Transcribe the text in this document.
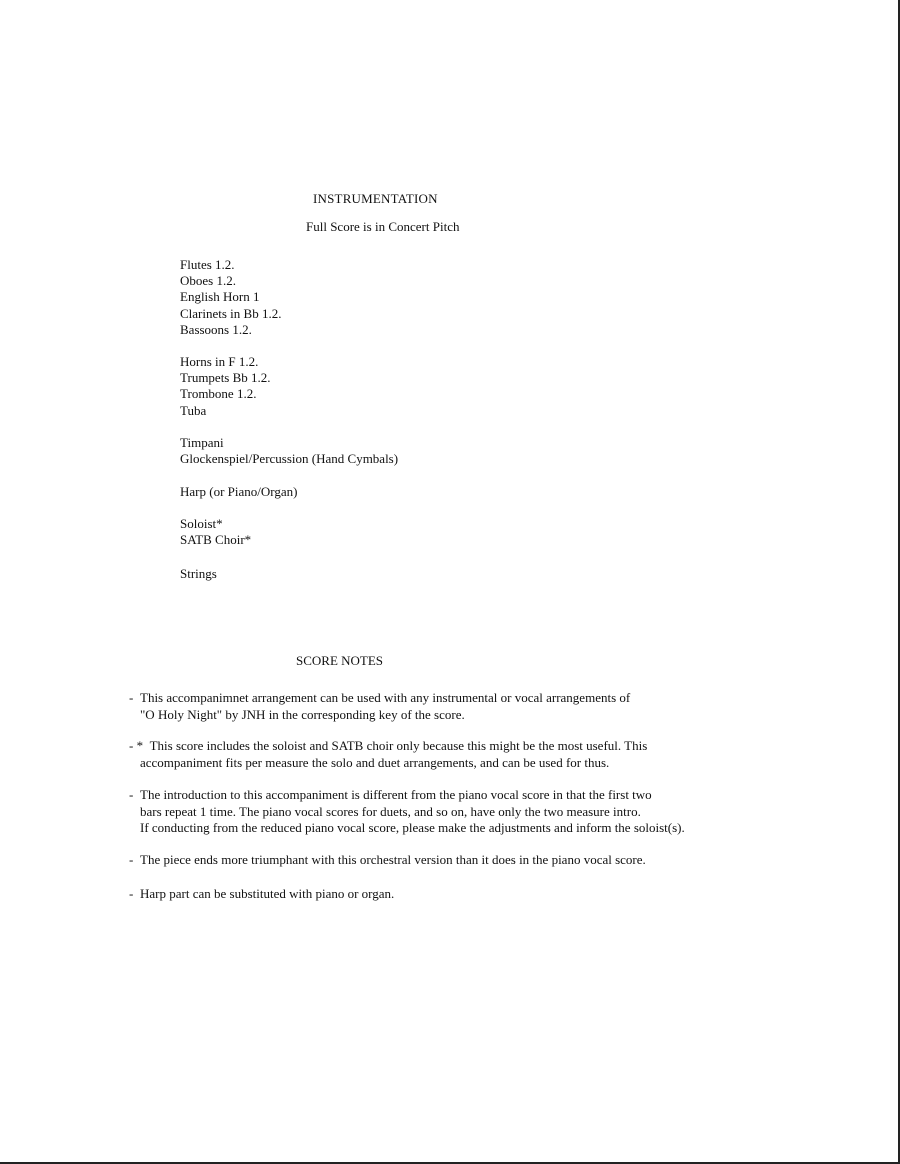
INSTRUMENTATION
Full Score is in Concert Pitch
Flutes 1.2.
Oboes 1.2.
English Horn 1
Clarinets in Bb 1.2.
Bassoons 1.2.
Horns in F 1.2.
Trumpets Bb 1.2.
Trombone 1.2.
Tuba
Timpani
Glockenspiel/Percussion (Hand Cymbals)
Harp (or Piano/Organ)
Soloist*
SATB Choir*
Strings
SCORE NOTES
- This accompanimnet arrangement can be used with any instrumental or vocal arrangements of
"O Holy Night" by JNH in the corresponding key of the score.
- * This score includes the soloist and SATB choir only because this might be the most useful. This
accompaniment fits per measure the solo and duet arrangements, and can be used for thus.
- The introduction to this accompaniment is different from the piano vocal score in that the first two
bars repeat 1 time. The piano vocal scores for duets, and so on, have only the two measure intro.
If conducting from the reduced piano vocal score, please make the adjustments and inform the soloist(s).
- The piece ends more triumphant with this orchestral version than it does in the piano vocal score.
- Harp part can be substituted with piano or organ.
